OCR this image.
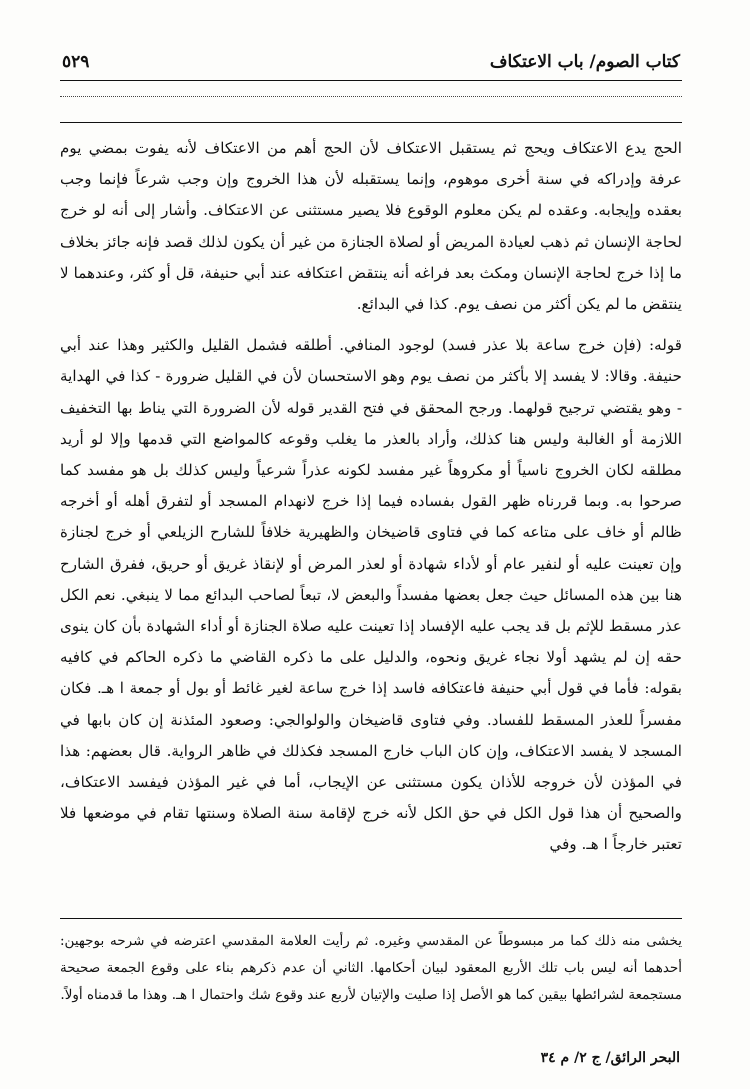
كتاب الصوم/ باب الاعتكاف
٥٢٩

الحج يدع الاعتكاف ويحج ثم يستقبل الاعتكاف لأن الحج أهم من الاعتكاف لأنه يفوت بمضي يوم عرفة وإدراكه في سنة أخرى موهوم، وإنما يستقبله لأن هذا الخروج وإن وجب شرعاً فإنما وجب بعقده وإيجابه. وعقده لم يكن معلوم الوقوع فلا يصير مستثنى عن الاعتكاف. وأشار إلى أنه لو خرج لحاجة الإنسان ثم ذهب لعيادة المريض أو لصلاة الجنازة من غير أن يكون لذلك قصد فإنه جائز بخلاف ما إذا خرج لحاجة الإنسان ومكث بعد فراغه أنه ينتقض اعتكافه عند أبي حنيفة، قل أو كثر، وعندهما لا ينتقض ما لم يكن أكثر من نصف يوم. كذا في البدائع.

قوله: (فإن خرج ساعة بلا عذر فسد) لوجود المنافي. أطلقه فشمل القليل والكثير وهذا عند أبي حنيفة. وقالا: لا يفسد إلا بأكثر من نصف يوم وهو الاستحسان لأن في القليل ضرورة - كذا في الهداية - وهو يقتضي ترجيح قولهما. ورجح المحقق في فتح القدير قوله لأن الضرورة التي يناط بها التخفيف اللازمة أو الغالبة وليس هنا كذلك، وأراد بالعذر ما يغلب وقوعه كالمواضع التي قدمها وإلا لو أريد مطلقه لكان الخروج ناسياً أو مكروهاً غير مفسد لكونه عذراً شرعياً وليس كذلك بل هو مفسد كما صرحوا به. وبما قررناه ظهر القول بفساده فيما إذا خرج لانهدام المسجد أو لتفرق أهله أو أخرجه ظالم أو خاف على متاعه كما في فتاوى قاضيخان والظهيرية خلافاً للشارح الزيلعي أو خرج لجنازة وإن تعينت عليه أو لنفير عام أو لأداء شهادة أو لعذر المرض أو لإنقاذ غريق أو حريق، ففرق الشارح هنا بين هذه المسائل حيث جعل بعضها مفسداً والبعض لا، تبعاً لصاحب البدائع مما لا ينبغي. نعم الكل عذر مسقط للإثم بل قد يجب عليه الإفساد إذا تعينت عليه صلاة الجنازة أو أداء الشهادة بأن كان ينوى حقه إن لم يشهد أولا نجاء غريق ونحوه، والدليل على ما ذكره القاضي ما ذكره الحاكم في كافيه بقوله: فأما في قول أبي حنيفة فاعتكافه فاسد إذا خرج ساعة لغير غائط أو بول أو جمعة ا هـ. فكان مفسراً للعذر المسقط للفساد. وفي فتاوى قاضيخان والولوالجي: وصعود المئذنة إن كان بابها في المسجد لا يفسد الاعتكاف، وإن كان الباب خارج المسجد فكذلك في ظاهر الرواية. قال بعضهم: هذا في المؤذن لأن خروجه للأذان يكون مستثنى عن الإيجاب، أما في غير المؤذن فيفسد الاعتكاف، والصحيح أن هذا قول الكل في حق الكل لأنه خرج لإقامة سنة الصلاة وسنتها تقام في موضعها فلا تعتبر خارجاً ا هـ. وفي

يخشى منه ذلك كما مر مبسوطاً عن المقدسي وغيره. ثم رأيت العلامة المقدسي اعترضه في شرحه بوجهين: أحدهما أنه ليس باب تلك الأربع المعقود لبيان أحكامها. الثاني أن عدم ذكرهم بناء على وقوع الجمعة صحيحة مستجمعة لشرائطها بيقين كما هو الأصل إذا صليت والإتيان لأربع عند وقوع شك واحتمال ا هـ. وهذا ما قدمناه أولاً.

البحر الرائق/ ج ٢/ م ٣٤
